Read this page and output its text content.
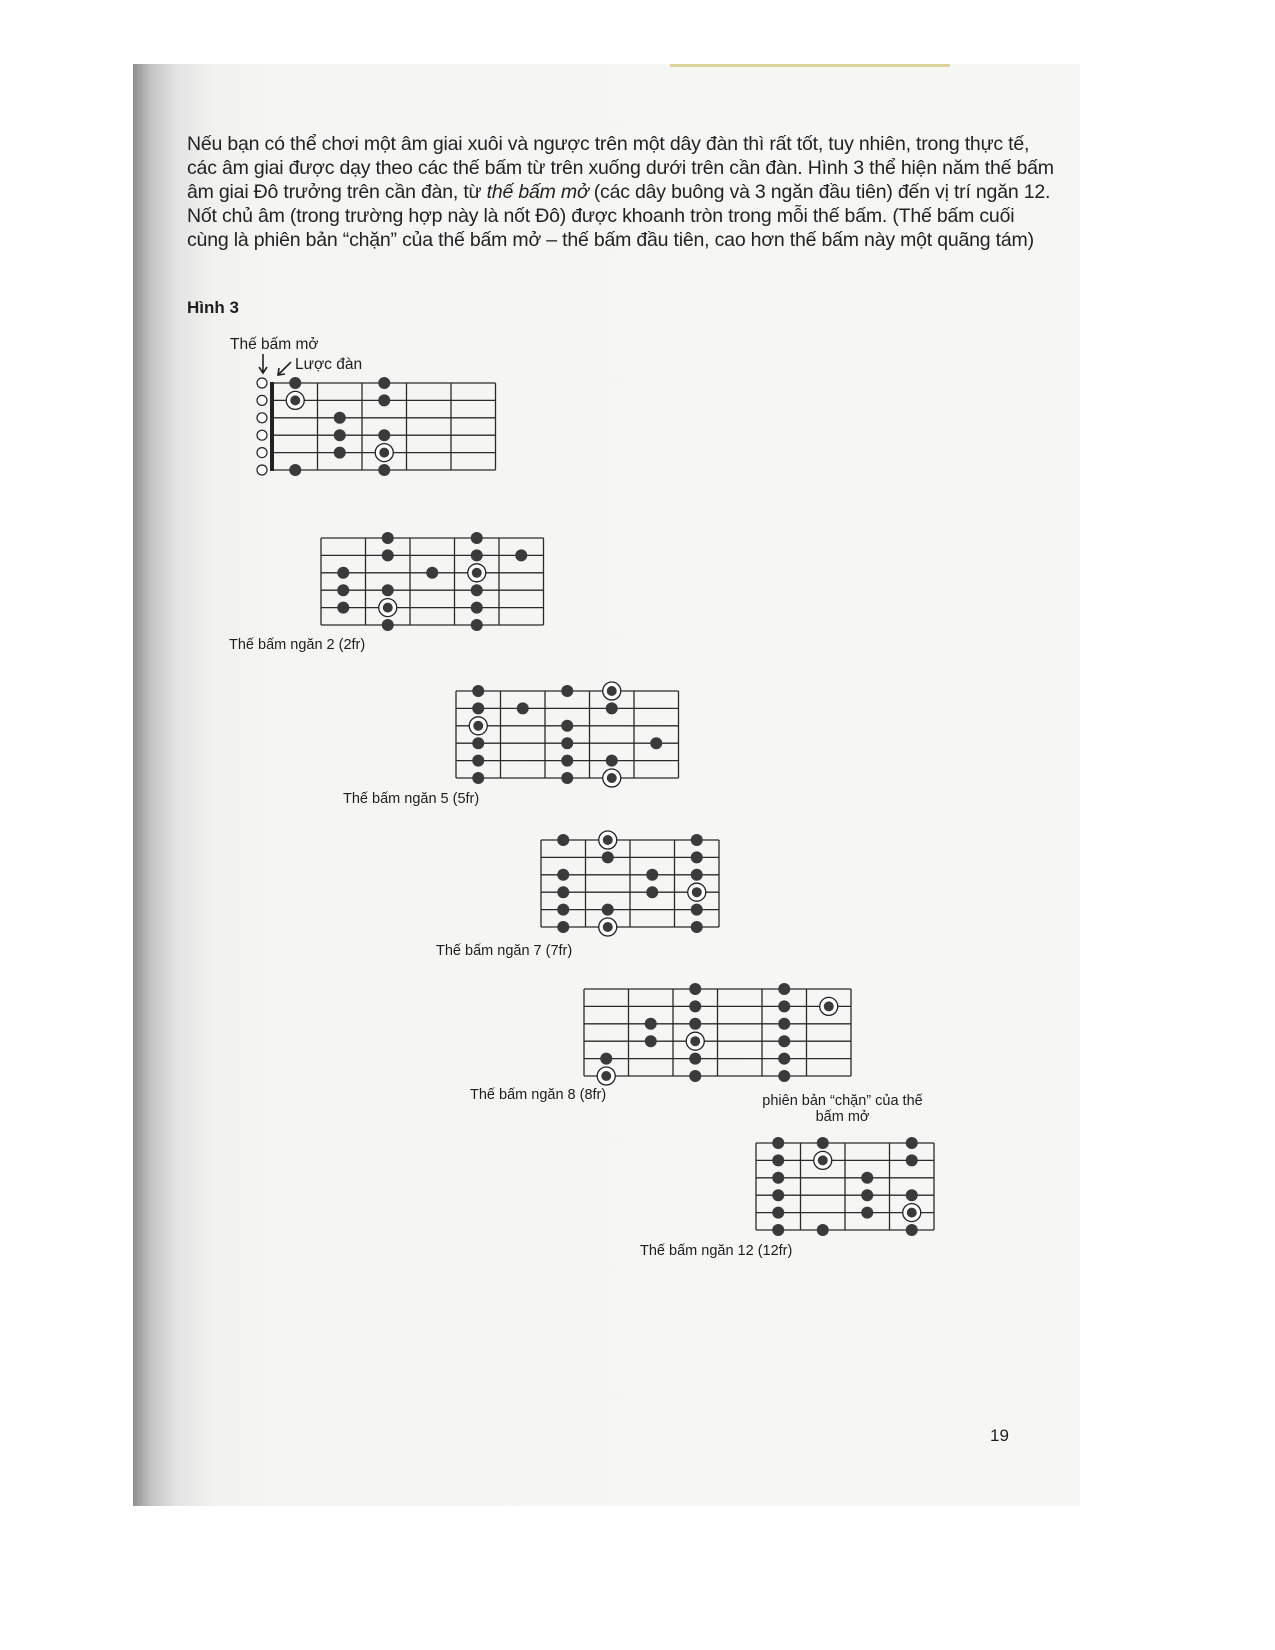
Nếu bạn có thể chơi một âm giai xuôi và ngược trên một dây đàn thì rất tốt, tuy nhiên, trong thực tế,

các âm giai được dạy theo các thế bấm từ trên xuống dưới trên cần đàn. Hình 3 thể hiện năm thế bấm

âm giai Đô trưởng trên cần đàn, từ thế bấm mở (các dây buông và 3 ngăn đầu tiên) đến vị trí ngăn 12.

Nốt chủ âm (trong trường hợp này là nốt Đô) được khoanh tròn trong mỗi thế bấm. (Thế bấm cuối

cùng là phiên bản “chặn” của thế bấm mở – thế bấm đầu tiên, cao hơn thế bấm này một quãng tám)

Hình 3
Thế bấm mở
Lược đàn
Thế bấm ngăn 2 (2fr)
Thế bấm ngăn 5 (5fr)
Thế bấm ngăn 7 (7fr)
Thế bấm ngăn 8 (8fr)	phiên bản “chặn” của thế
bấm mở
Thế bấm ngăn 12 (12fr)
19
